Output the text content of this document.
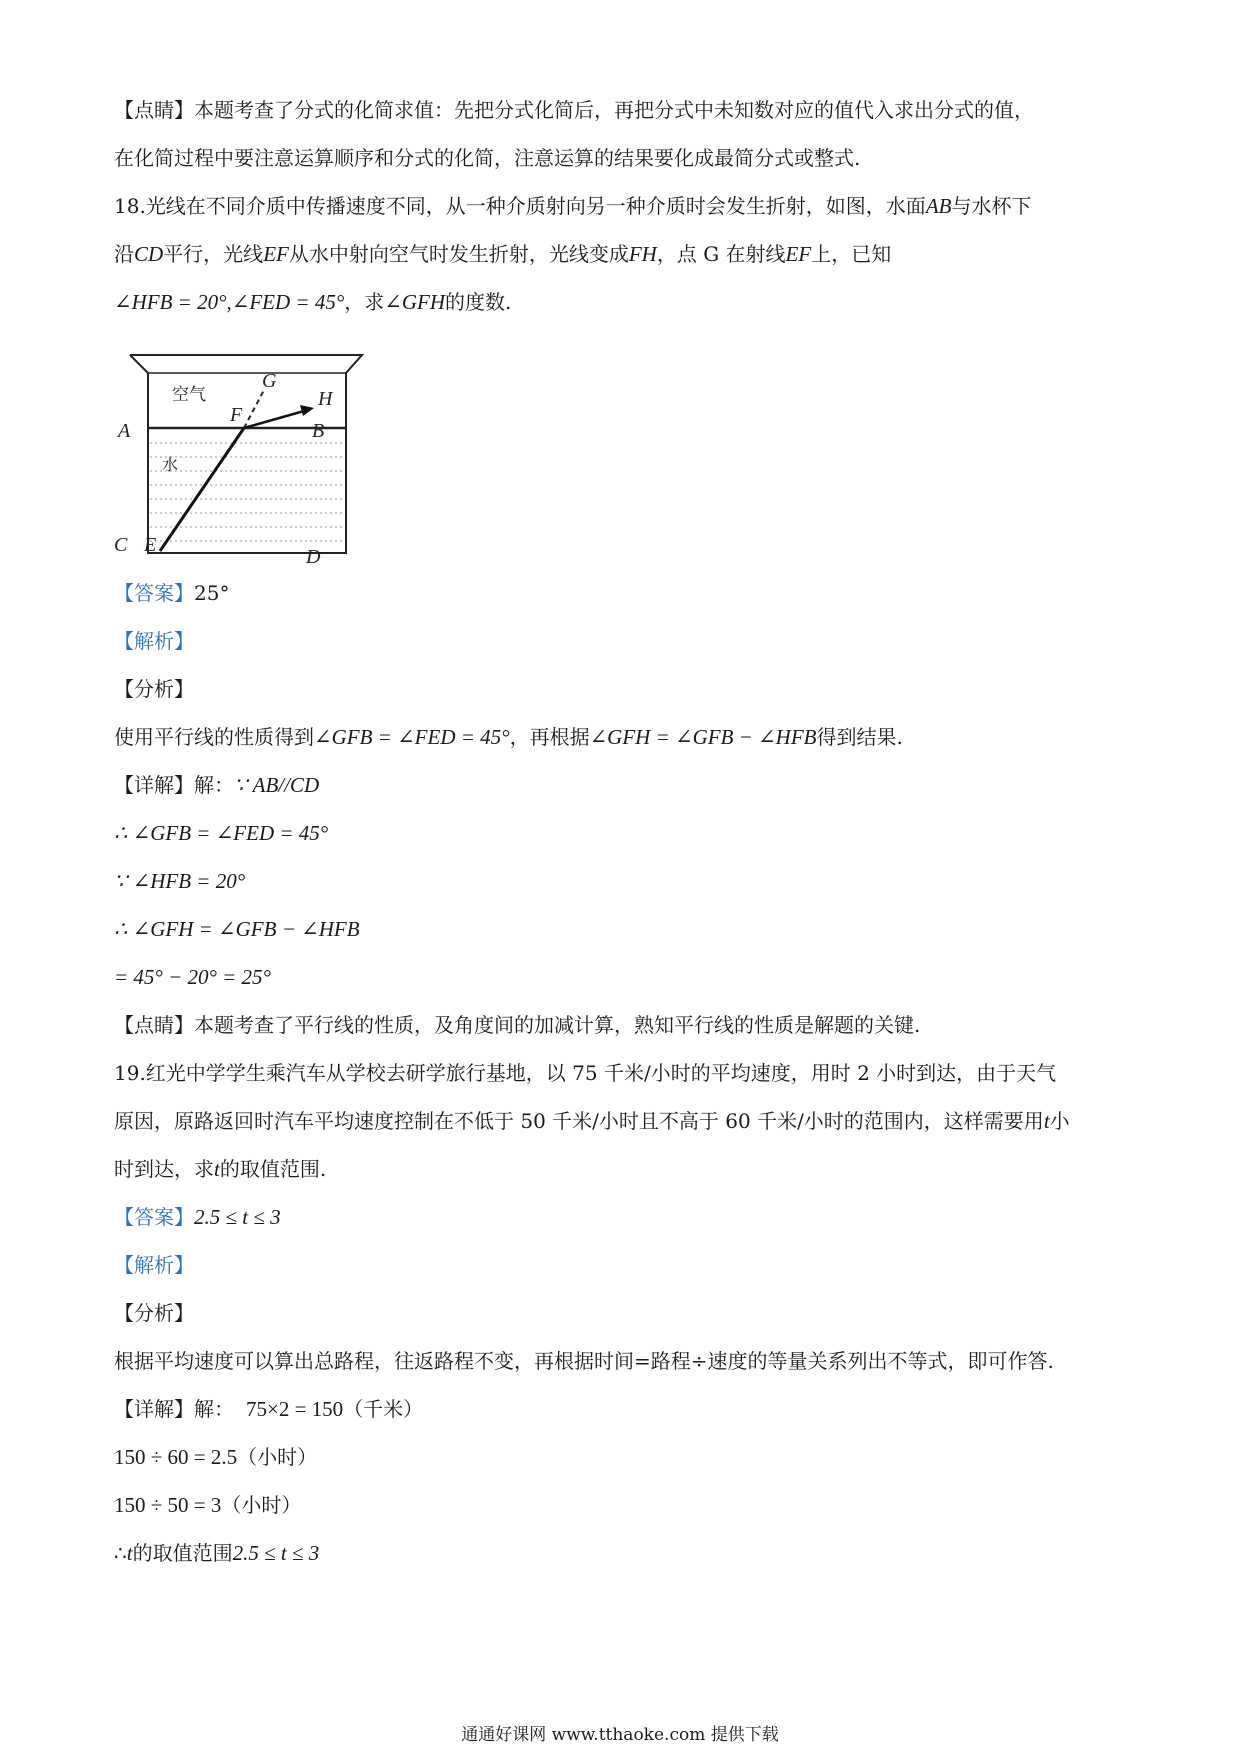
【点睛】本题考查了分式的化简求值：先把分式化简后，再把分式中未知数对应的值代入求出分式的值，
在化简过程中要注意运算顺序和分式的化简，注意运算的结果要化成最简分式或整式.
18.光线在不同介质中传播速度不同，从一种介质射向另一种介质时会发生折射，如图，水面AB与水杯下
沿CD平行，光线EF从水中射向空气时发生折射，光线变成FH，点 G 在射线EF上，已知
∠HFB = 20°,∠FED = 45°，求∠GFH的度数.
空气
水
A	B
C
D
E
F
G
H
【答案】25°
【解析】
【分析】
使用平行线的性质得到∠GFB = ∠FED = 45°，再根据∠GFH = ∠GFB − ∠HFB得到结果.
【详解】解：∵ AB//CD
∴ ∠GFB = ∠FED = 45°
∵ ∠HFB = 20°
∴ ∠GFH = ∠GFB − ∠HFB
= 45° − 20° = 25°
【点睛】本题考查了平行线的性质，及角度间的加减计算，熟知平行线的性质是解题的关键.
19.红光中学学生乘汽车从学校去研学旅行基地，以 75 千米/小时的平均速度，用时 2 小时到达，由于天气
原因，原路返回时汽车平均速度控制在不低于 50 千米/小时且不高于 60 千米/小时的范围内，这样需要用t小
时到达，求t的取值范围.
【答案】2.5 ≤ t ≤ 3
【解析】
【分析】
根据平均速度可以算出总路程，往返路程不变，再根据时间=路程÷速度的等量关系列出不等式，即可作答.
【详解】解： 75×2 = 150（千米）
150 ÷ 60 = 2.5（小时）
150 ÷ 50 = 3（小时）
∴t的取值范围2.5 ≤ t ≤ 3
通通好课网 www.tthaoke.com 提供下载
